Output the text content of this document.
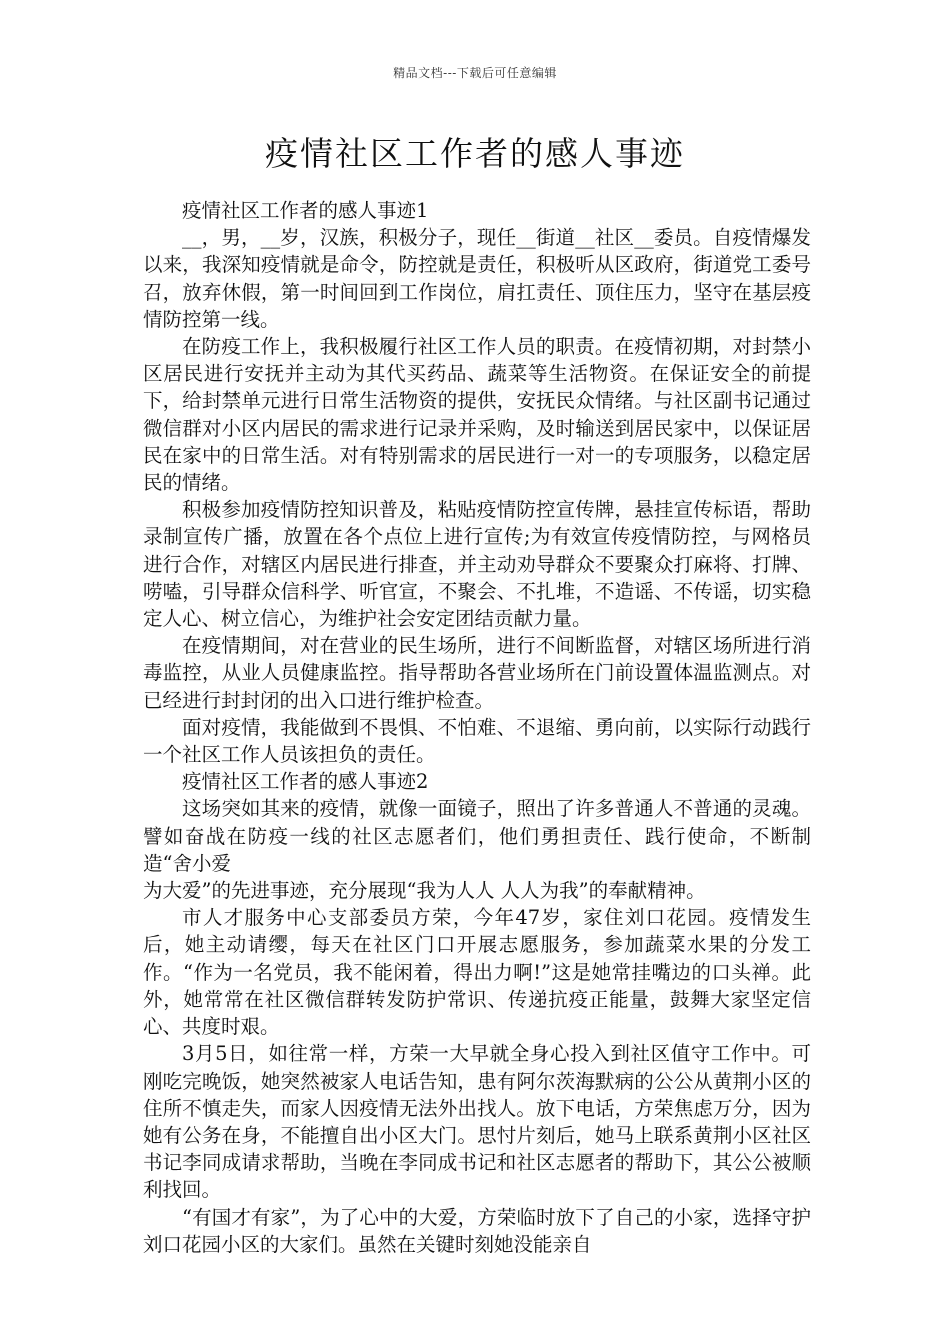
精品文档---下载后可任意编辑
疫情社区工作者的感人事迹

疫情社区工作者的感人事迹1

__，男，__岁，汉族，积极分子，现任__街道__社区__委员。自疫情爆发以来，我深知疫情就是命令，防控就是责任，积极听从区政府，街道党工委号召，放弃休假，第一时间回到工作岗位，肩扛责任、顶住压力，坚守在基层疫情防控第一线。

在防疫工作上，我积极履行社区工作人员的职责。在疫情初期，对封禁小区居民进行安抚并主动为其代买药品、蔬菜等生活物资。在保证安全的前提下，给封禁单元进行日常生活物资的提供，安抚民众情绪。与社区副书记通过微信群对小区内居民的需求进行记录并采购，及时输送到居民家中，以保证居民在家中的日常生活。对有特别需求的居民进行一对一的专项服务，以稳定居民的情绪。

积极参加疫情防控知识普及，粘贴疫情防控宣传牌，悬挂宣传标语，帮助录制宣传广播，放置在各个点位上进行宣传;为有效宣传疫情防控，与网格员进行合作，对辖区内居民进行排查，并主动劝导群众不要聚众打麻将、打牌、唠嗑，引导群众信科学、听官宣，不聚会、不扎堆，不造谣、不传谣，切实稳定人心、树立信心，为维护社会安定团结贡献力量。

在疫情期间，对在营业的民生场所，进行不间断监督，对辖区场所进行消毒监控，从业人员健康监控。指导帮助各营业场所在门前设置体温监测点。对已经进行封封闭的出入口进行维护检查。

面对疫情，我能做到不畏惧、不怕难、不退缩、勇向前，以实际行动践行一个社区工作人员该担负的责任。

疫情社区工作者的感人事迹2

这场突如其来的疫情，就像一面镜子，照出了许多普通人不普通的灵魂。譬如奋战在防疫一线的社区志愿者们，他们勇担责任、践行使命，不断制造“舍小爱

为大爱”的先进事迹，充分展现“我为人人 人人为我”的奉献精神。

市人才服务中心支部委员方荣，今年47岁，家住刘口花园。疫情发生后，她主动请缨，每天在社区门口开展志愿服务，参加蔬菜水果的分发工作。“作为一名党员，我不能闲着，得出力啊!”这是她常挂嘴边的口头禅。此外，她常常在社区微信群转发防护常识、传递抗疫正能量，鼓舞大家坚定信心、共度时艰。

3月5日，如往常一样，方荣一大早就全身心投入到社区值守工作中。可刚吃完晚饭，她突然被家人电话告知，患有阿尔茨海默病的公公从黄荆小区的住所不慎走失，而家人因疫情无法外出找人。放下电话，方荣焦虑万分，因为她有公务在身，不能擅自出小区大门。思忖片刻后，她马上联系黄荆小区社区书记李同成请求帮助，当晚在李同成书记和社区志愿者的帮助下，其公公被顺利找回。

“有国才有家”，为了心中的大爱，方荣临时放下了自己的小家，选择守护刘口花园小区的大家们。虽然在关键时刻她没能亲自
